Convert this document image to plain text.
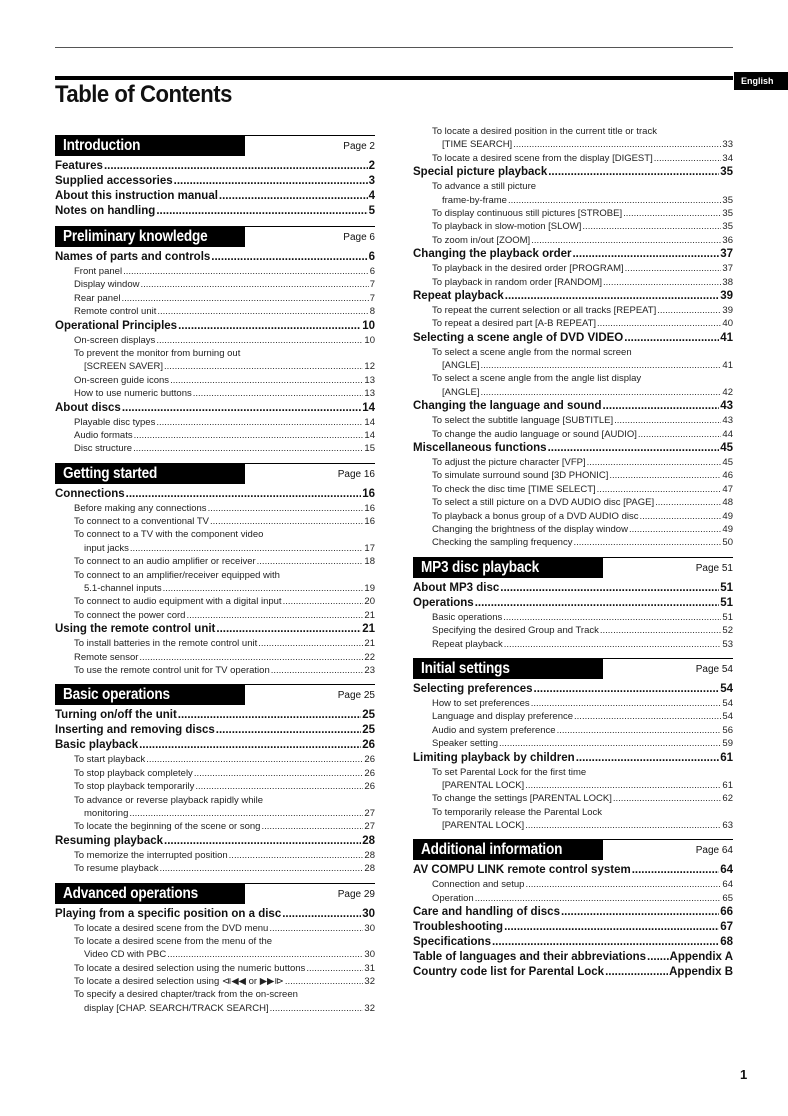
English
Table of Contents
Introduction	Page 2
Features .....	2
Supplied accessories .....	3
About this instruction manual .....	4
Notes on handling .....	5
Preliminary knowledge	Page 6
Names of parts and controls .....	6
Front panel .....	6
Display window .....	7
Rear panel .....	7
Remote control unit .....	8
Operational Principles .....	10
On-screen displays .....	10
To prevent the monitor from burning out
[SCREEN SAVER] .....	12
On-screen guide icons .....	13
How to use numeric buttons .....	13
About discs .....	14
Playable disc types .....	14
Audio formats .....	14
Disc structure .....	15
Getting started	Page 16
Connections .....	16
Before making any connections .....	16
To connect to a conventional TV .....	16
To connect to a TV with the component video
input jacks .....	17
To connect to an audio amplifier or receiver .....	18
To connect to an amplifier/receiver equipped with
5.1-channel inputs .....	19
To connect to audio equipment with a digital input .....	20
To connect the power cord .....	21
Using the remote control unit .....	21
To install batteries in the remote control unit .....	21
Remote sensor .....	22
To use the remote control unit for TV operation .....	23
Basic operations	Page 25
Turning on/off the unit .....	25
Inserting and removing discs .....	25
Basic playback .....	26
To start playback .....	26
To stop playback completely .....	26
To stop playback temporarily .....	26
To advance or reverse playback rapidly while
monitoring .....	27
To locate the beginning of the scene or song .....	27
Resuming playback .....	28
To memorize the interrupted position .....	28
To resume playback .....	28
Advanced operations	Page 29
Playing from a specific position on a disc .....	30
To locate a desired scene from the DVD menu .....	30
To locate a desired scene from the menu of the
Video CD with PBC .....	30
To locate a desired selection using the numeric buttons .....	31
To locate a desired selection using ⧏◀◀ or ▶▶⧐ .....	32
To specify a desired chapter/track from the on-screen
display [CHAP. SEARCH/TRACK SEARCH] .....	32
To locate a desired position in the current title or track
[TIME SEARCH] .....	33
To locate a desired scene from the display [DIGEST] .....	34
Special picture playback .....	35
To advance a still picture
frame-by-frame .....	35
To display continuous still pictures [STROBE] .....	35
To playback in slow-motion [SLOW] .....	35
To zoom in/out [ZOOM] .....	36
Changing the playback order .....	37
To playback in the desired order [PROGRAM] .....	37
To playback in random order [RANDOM] .....	38
Repeat playback .....	39
To repeat the current selection or all tracks [REPEAT] .....	39
To repeat a desired part [A-B REPEAT] .....	40
Selecting a scene angle of DVD VIDEO .....	41
To select a scene angle from the normal screen
[ANGLE] .....	41
To select a scene angle from the angle list display
[ANGLE] .....	42
Changing the language and sound .....	43
To select the subtitle language [SUBTITLE] .....	43
To change the audio language or sound [AUDIO] .....	44
Miscellaneous functions .....	45
To adjust the picture character [VFP] .....	45
To simulate surround sound [3D PHONIC] .....	46
To check the disc time [TIME SELECT] .....	47
To select a still picture on a DVD AUDIO disc [PAGE] .....	48
To playback a bonus group of a DVD AUDIO disc .....	49
Changing the brightness of the display window .....	49
Checking the sampling frequency .....	50
MP3 disc playback	Page 51
About MP3 disc .....	51
Operations .....	51
Basic operations .....	51
Specifying the desired Group and Track .....	52
Repeat playback .....	53
Initial settings	Page 54
Selecting preferences .....	54
How to set preferences .....	54
Language and display preference .....	54
Audio and system preference .....	56
Speaker setting .....	59
Limiting playback by children .....	61
To set Parental Lock for the first time
[PARENTAL LOCK] .....	61
To change the settings [PARENTAL LOCK] .....	62
To temporarily release the Parental Lock
[PARENTAL LOCK] .....	63
Additional information	Page 64
AV COMPU LINK remote control system .....	64
Connection and setup .....	64
Operation .....	65
Care and handling of discs .....	66
Troubleshooting .....	67
Specifications .....	68
Table of languages and their abbreviations ..... Appendix A
Country code list for Parental Lock .....	Appendix B
1
